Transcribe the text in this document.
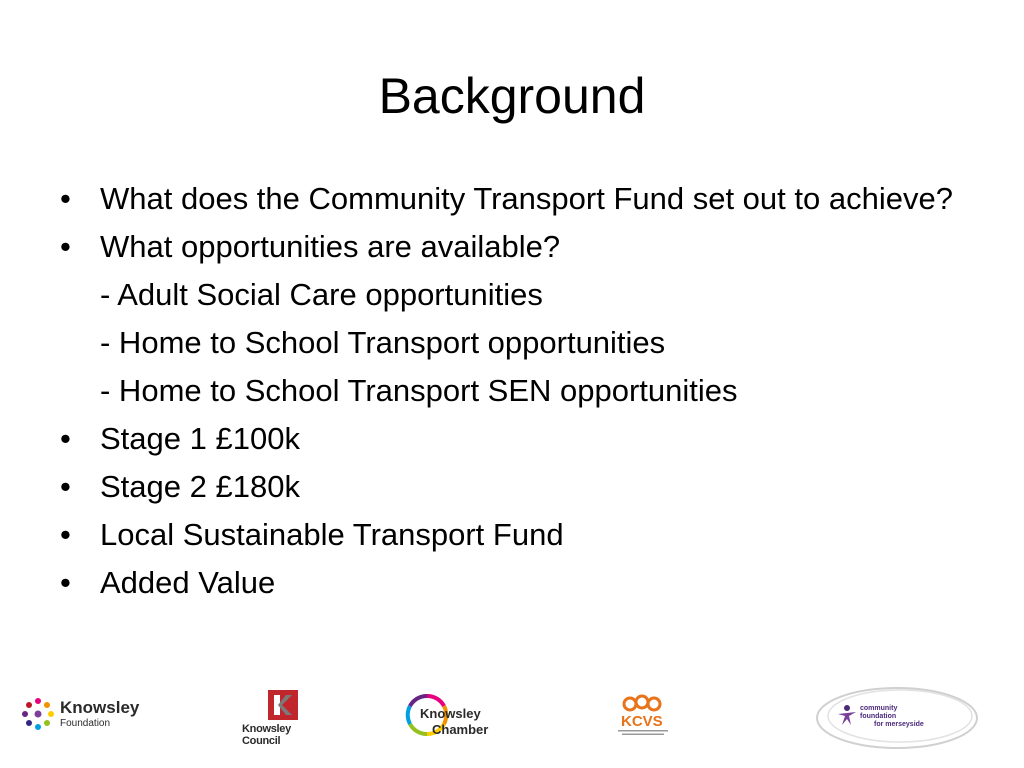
Background
• What does the Community Transport Fund set out to achieve?
• What opportunities are available?
- Adult Social Care opportunities
- Home to School Transport opportunities
- Home to School Transport SEN opportunities
• Stage 1 £100k
• Stage 2 £180k
• Local Sustainable Transport Fund
• Added Value
Knowsley
Foundation	Knowsley Council
Knowsley
Chamber	KCVS
community
foundation
for merseyside
